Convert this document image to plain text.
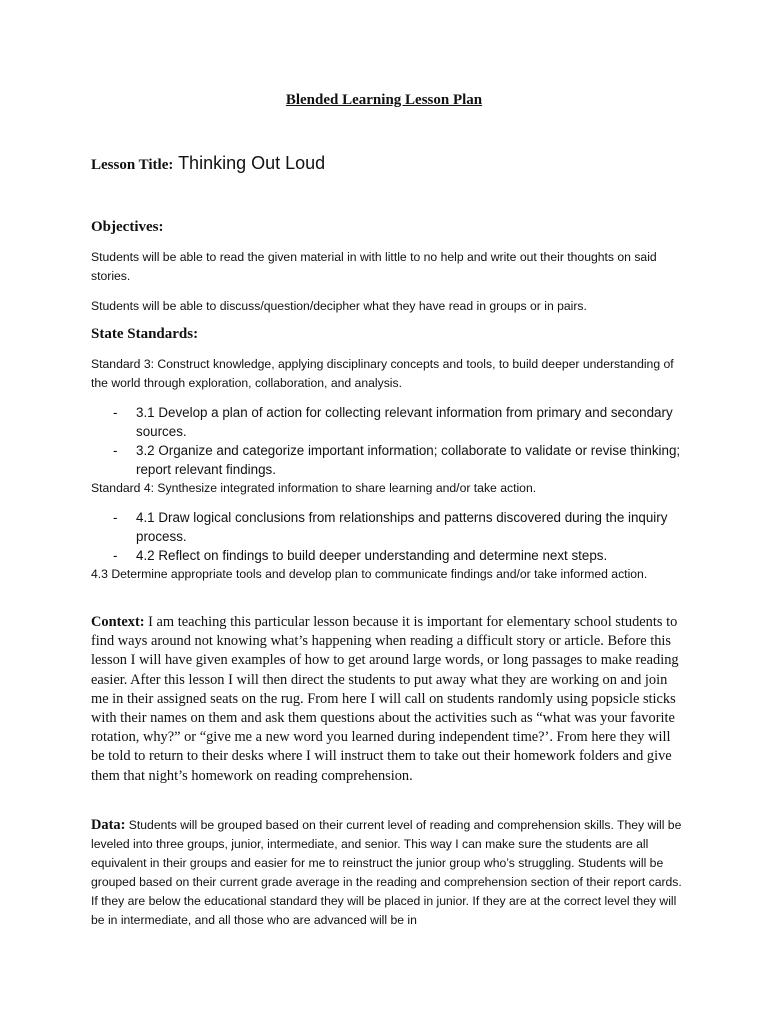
Blended Learning Lesson Plan
Lesson Title: Thinking Out Loud
Objectives:
Students will be able to read the given material in with little to no help and write out their thoughts on said stories.
Students will be able to discuss/question/decipher what they have read in groups or in pairs.
State Standards:
Standard 3: Construct knowledge, applying disciplinary concepts and tools, to build deeper understanding of the world through exploration, collaboration, and analysis.
- 3.1 Develop a plan of action for collecting relevant information from primary and secondary sources.
- 3.2 Organize and categorize important information; collaborate to validate or revise thinking; report relevant findings.
Standard 4: Synthesize integrated information to share learning and/or take action.
- 4.1 Draw logical conclusions from relationships and patterns discovered during the inquiry process.
- 4.2 Reflect on findings to build deeper understanding and determine next steps.
4.3 Determine appropriate tools and develop plan to communicate findings and/or take informed action.
Context: I am teaching this particular lesson because it is important for elementary school students to find ways around not knowing what’s happening when reading a difficult story or article. Before this lesson I will have given examples of how to get around large words, or long passages to make reading easier. After this lesson I will then direct the students to put away what they are working on and join me in their assigned seats on the rug. From here I will call on students randomly using popsicle sticks with their names on them and ask them questions about the activities such as “what was your favorite rotation, why?” or “give me a new word you learned during independent time?’. From here they will be told to return to their desks where I will instruct them to take out their homework folders and give them that night’s homework on reading comprehension.
Data: Students will be grouped based on their current level of reading and comprehension skills. They will be leveled into three groups, junior, intermediate, and senior. This way I can make sure the students are all equivalent in their groups and easier for me to reinstruct the junior group who’s struggling. Students will be grouped based on their current grade average in the reading and comprehension section of their report cards. If they are below the educational standard they will be placed in junior. If they are at the correct level they will be in intermediate, and all those who are advanced will be in
